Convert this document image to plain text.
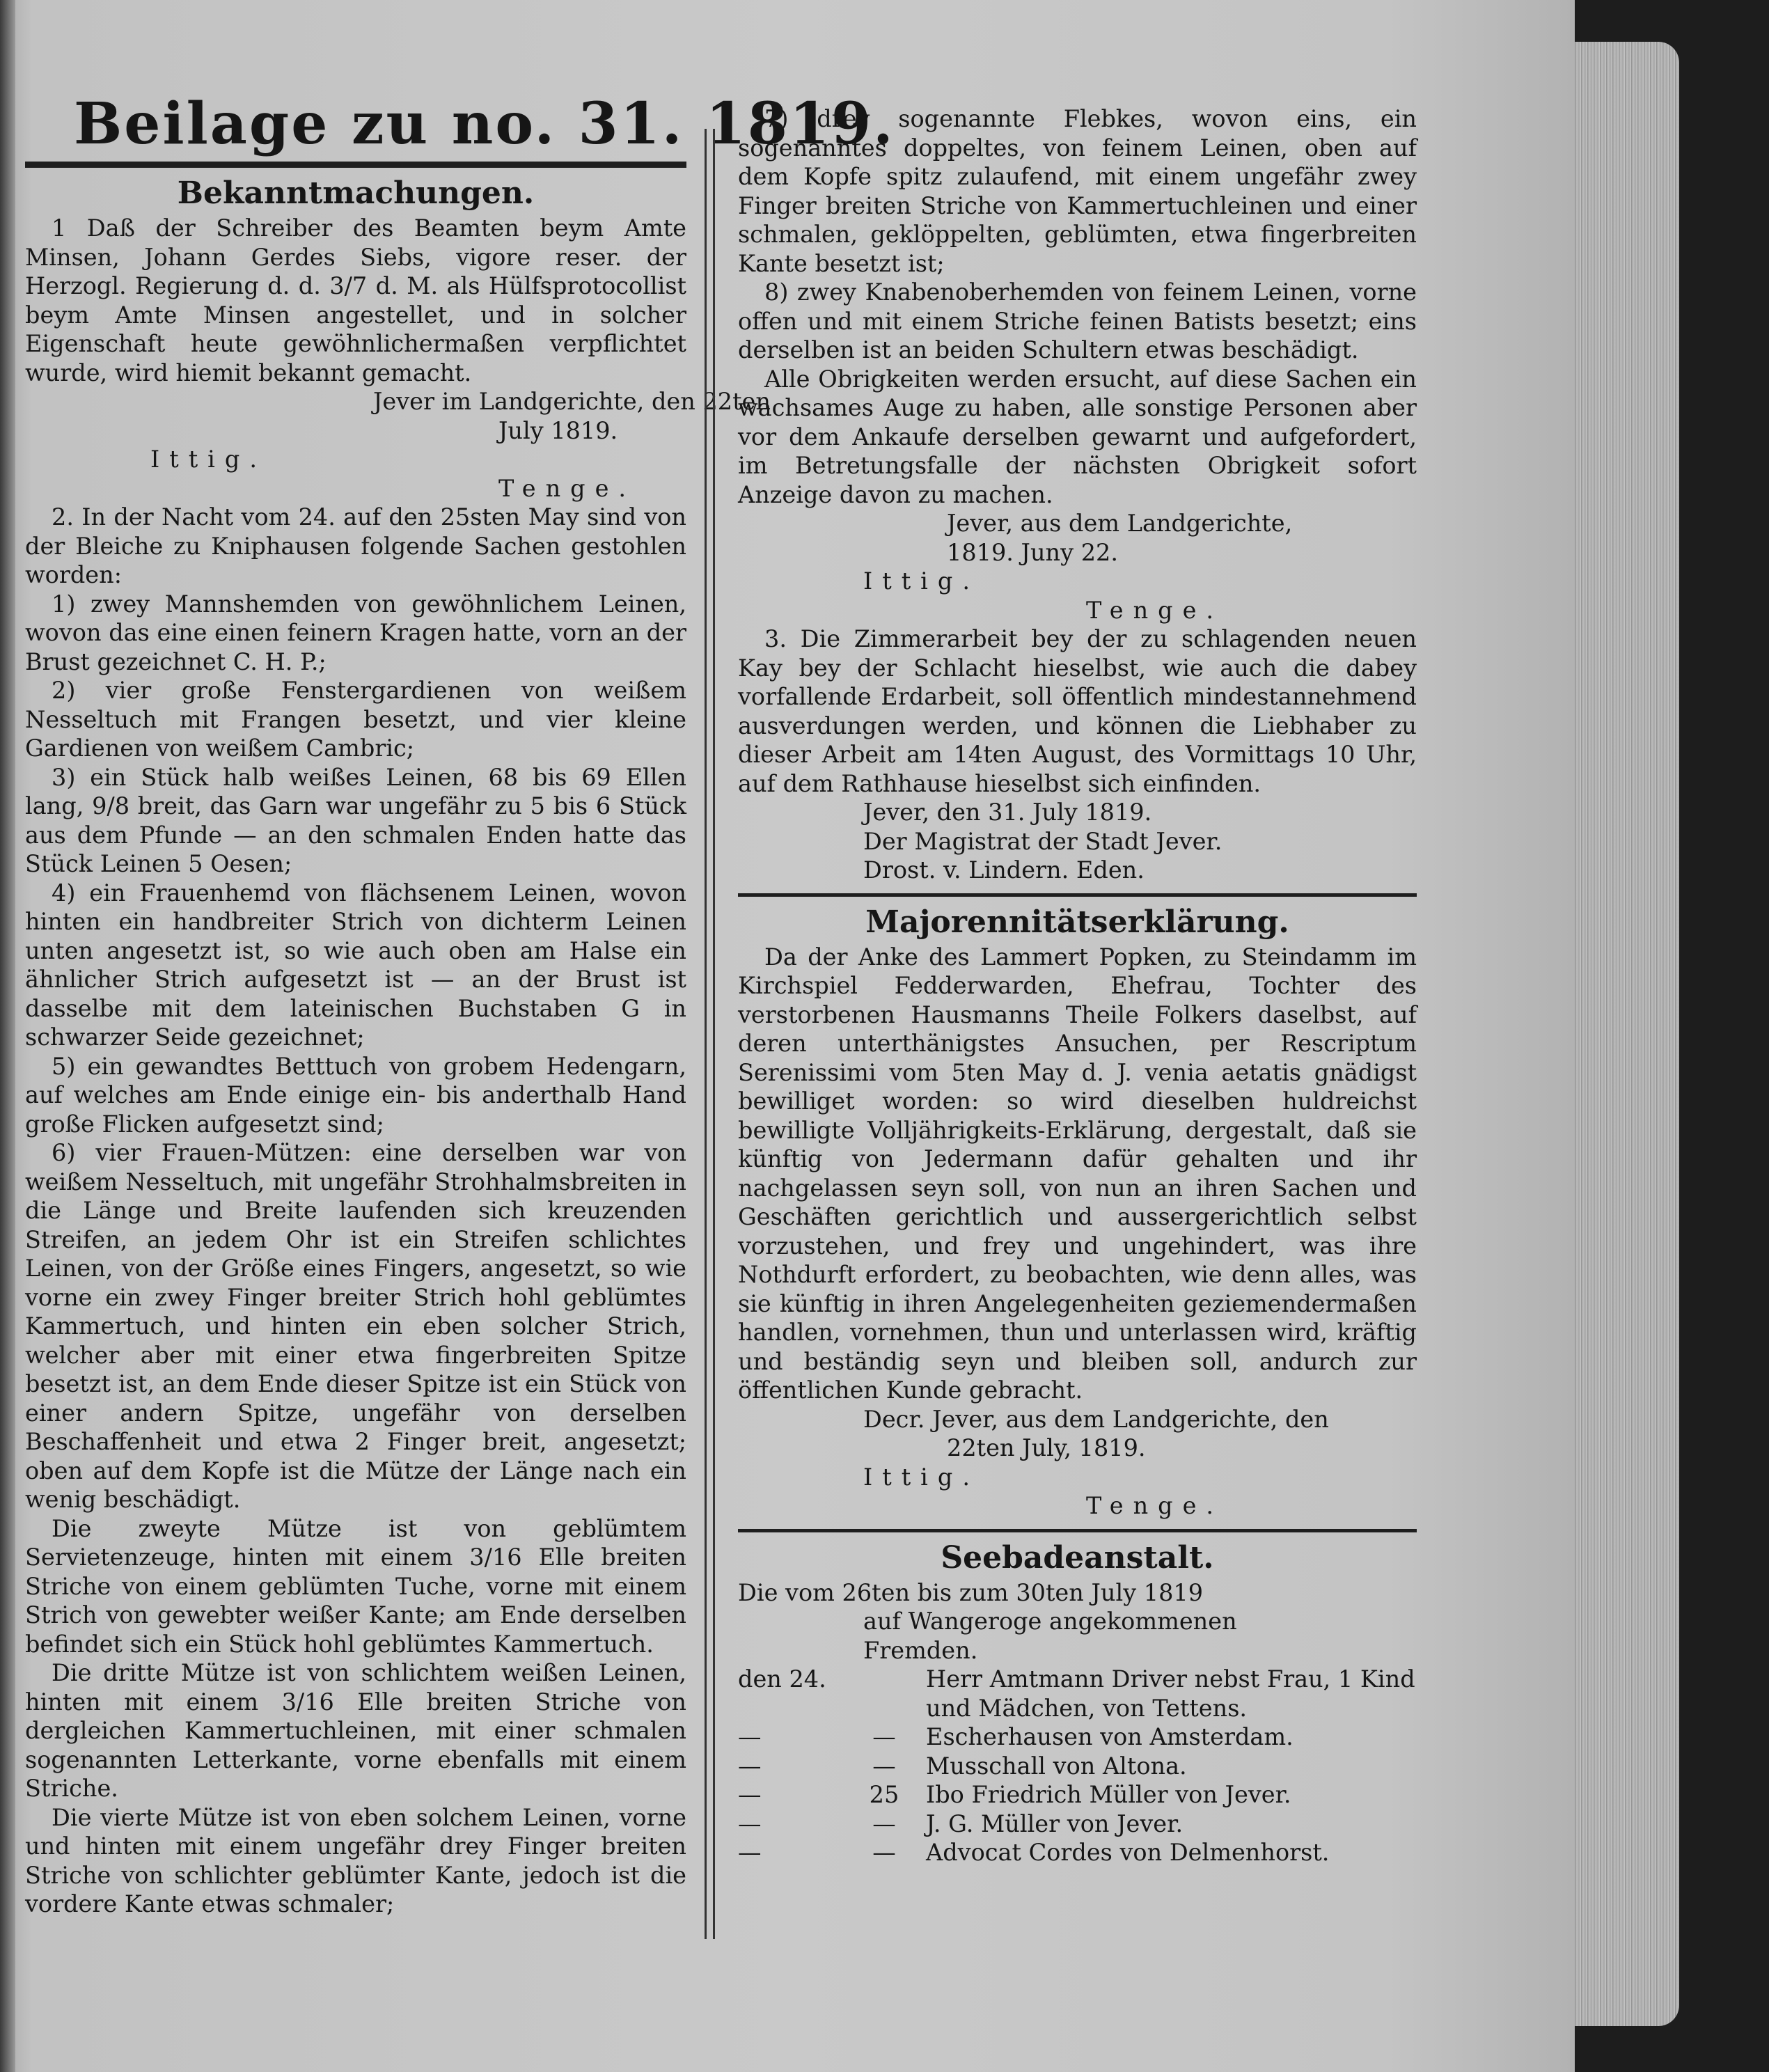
Beilage zu no. 31. 1819.
Bekanntmachungen.

1 Daß der Schreiber des Beamten beym Amte Minsen, Johann Gerdes Siebs, vigore reser. der Herzogl. Regierung d. d. 3/7 d. M. als Hülfsprotocollist beym Amte Minsen angestellet, und in solcher Eigenschaft heute gewöhnlichermaßen verpflichtet wurde, wird hiemit bekannt gemacht.

Jever im Landgerichte, den 22ten

July 1819.

Ittig.

Tenge.

2. In der Nacht vom 24. auf den 25sten May sind von der Bleiche zu Kniphausen folgende Sachen gestohlen worden:

1) zwey Mannshemden von gewöhnlichem Leinen, wovon das eine einen feinern Kragen hatte, vorn an der Brust gezeichnet C. H. P.;

2) vier große Fenstergardienen von weißem Nesseltuch mit Frangen besetzt, und vier kleine Gardienen von weißem Cambric;

3) ein Stück halb weißes Leinen, 68 bis 69 Ellen lang, 9/8 breit, das Garn war ungefähr zu 5 bis 6 Stück aus dem Pfunde — an den schmalen Enden hatte das Stück Leinen 5 Oesen;

4) ein Frauenhemd von flächsenem Leinen, wovon hinten ein handbreiter Strich von dichterm Leinen unten angesetzt ist, so wie auch oben am Halse ein ähnlicher Strich aufgesetzt ist — an der Brust ist dasselbe mit dem lateinischen Buchstaben G in schwarzer Seide gezeichnet;

5) ein gewandtes Betttuch von grobem Hedengarn, auf welches am Ende einige ein- bis anderthalb Hand große Flicken aufgesetzt sind;

6) vier Frauen-Mützen: eine derselben war von weißem Nesseltuch, mit ungefähr Strohhalmsbreiten in die Länge und Breite laufenden sich kreuzenden Streifen, an jedem Ohr ist ein Streifen schlichtes Leinen, von der Größe eines Fingers, angesetzt, so wie vorne ein zwey Finger breiter Strich hohl geblümtes Kammertuch, und hinten ein eben solcher Strich, welcher aber mit einer etwa fingerbreiten Spitze besetzt ist, an dem Ende dieser Spitze ist ein Stück von einer andern Spitze, ungefähr von derselben Beschaffenheit und etwa 2 Finger breit, angesetzt; oben auf dem Kopfe ist die Mütze der Länge nach ein wenig beschädigt.

Die zweyte Mütze ist von geblümtem Servietenzeuge, hinten mit einem 3/16 Elle breiten Striche von einem geblümten Tuche, vorne mit einem Strich von gewebter weißer Kante; am Ende derselben befindet sich ein Stück hohl geblümtes Kammertuch.

Die dritte Mütze ist von schlichtem weißen Leinen, hinten mit einem 3/16 Elle breiten Striche von dergleichen Kammertuchleinen, mit einer schmalen sogenannten Letterkante, vorne ebenfalls mit einem Striche.

Die vierte Mütze ist von eben solchem Leinen, vorne und hinten mit einem ungefähr drey Finger breiten Striche von schlichter geblümter Kante, jedoch ist die vordere Kante etwas schmaler;

7) drey sogenannte Flebkes, wovon eins, ein sogenanntes doppeltes, von feinem Leinen, oben auf dem Kopfe spitz zulaufend, mit einem ungefähr zwey Finger breiten Striche von Kammertuchleinen und einer schmalen, geklöppelten, geblümten, etwa fingerbreiten Kante besetzt ist;

8) zwey Knabenoberhemden von feinem Leinen, vorne offen und mit einem Striche feinen Batists besetzt; eins derselben ist an beiden Schultern etwas beschädigt.

Alle Obrigkeiten werden ersucht, auf diese Sachen ein wachsames Auge zu haben, alle sonstige Personen aber vor dem Ankaufe derselben gewarnt und aufgefordert, im Betretungsfalle der nächsten Obrigkeit sofort Anzeige davon zu machen.

Jever, aus dem Landgerichte,

1819. Juny 22.

Ittig.

Tenge.

3. Die Zimmerarbeit bey der zu schlagenden neuen Kay bey der Schlacht hieselbst, wie auch die dabey vorfallende Erdarbeit, soll öffentlich mindestannehmend ausverdungen werden, und können die Liebhaber zu dieser Arbeit am 14ten August, des Vormittags 10 Uhr, auf dem Rathhause hieselbst sich einfinden.

Jever, den 31. July 1819.

Der Magistrat der Stadt Jever.

Drost. v. Lindern. Eden.

Majorennitätserklärung.

Da der Anke des Lammert Popken, zu Steindamm im Kirchspiel Fedderwarden, Ehefrau, Tochter des verstorbenen Hausmanns Theile Folkers daselbst, auf deren unterthänigstes Ansuchen, per Rescriptum Serenissimi vom 5ten May d. J. venia aetatis gnädigst bewilliget worden: so wird dieselben huldreichst bewilligte Volljährigkeits-Erklärung, dergestalt, daß sie künftig von Jedermann dafür gehalten und ihr nachgelassen seyn soll, von nun an ihren Sachen und Geschäften gerichtlich und aussergerichtlich selbst vorzustehen, und frey und ungehindert, was ihre Nothdurft erfordert, zu beobachten, wie denn alles, was sie künftig in ihren Angelegenheiten geziemendermaßen handlen, vornehmen, thun und unterlassen wird, kräftig und beständig seyn und bleiben soll, andurch zur öffentlichen Kunde gebracht.

Decr. Jever, aus dem Landgerichte, den

22ten July, 1819.

Ittig.

Tenge.

Seebadeanstalt.

Die vom 26ten bis zum 30ten July 1819

auf Wangeroge angekommenen

Fremden.

den 24.		Herr Amtmann Driver nebst Frau, 1 Kind
		und Mädchen, von Tettens.
—	—	Escherhausen von Amsterdam.
—	—	Musschall von Altona.
—	25	Ibo Friedrich Müller von Jever.
—	—	J. G. Müller von Jever.
—	—	Advocat Cordes von Delmenhorst.
